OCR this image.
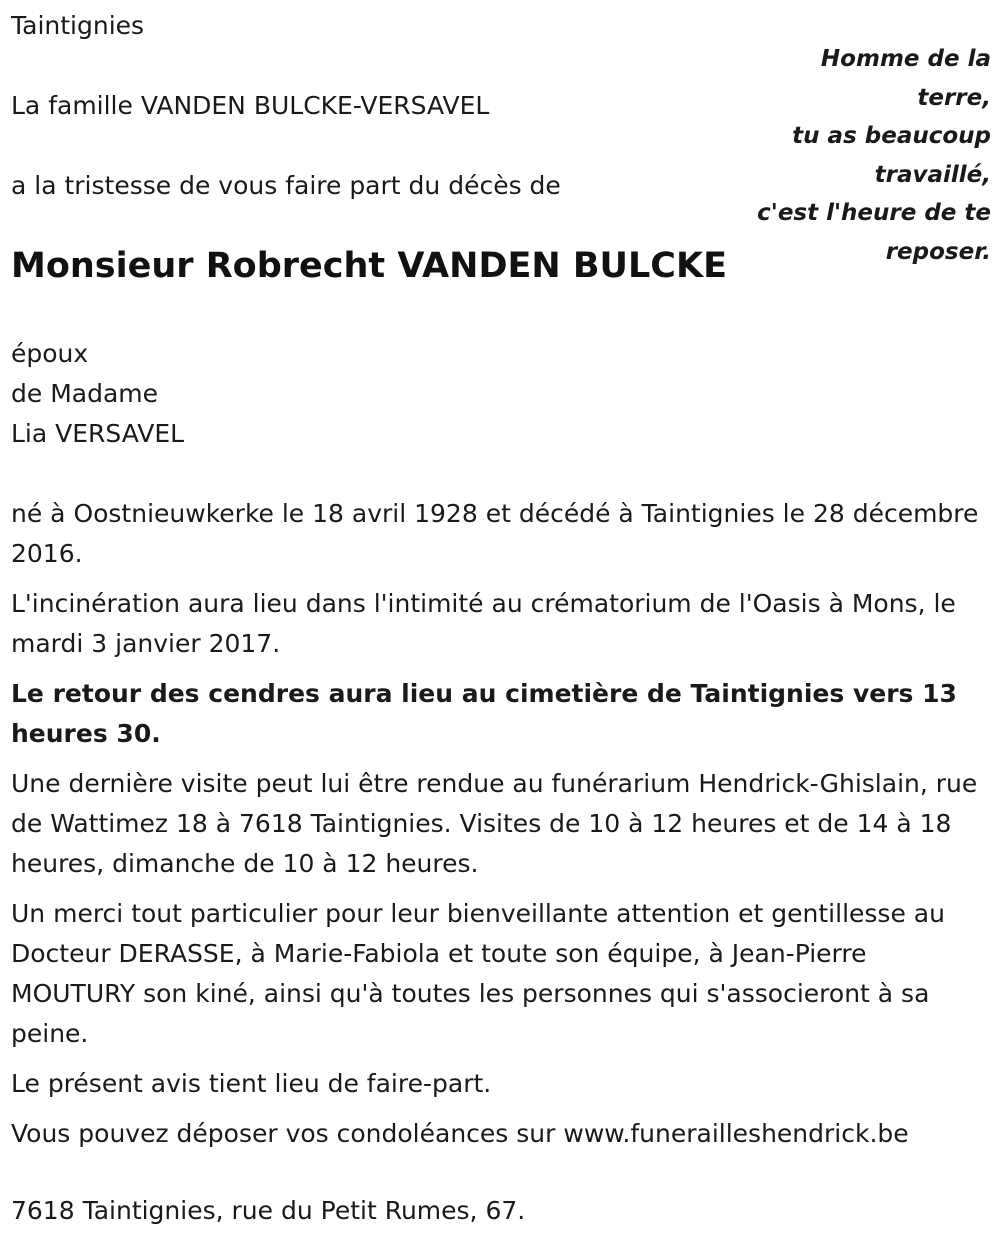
Taintignies
La famille VANDEN BULCKE-VERSAVEL
a la tristesse de vous faire part du décès de
Monsieur Robrecht VANDEN BULCKE
époux
de Madame
Lia VERSAVEL
Homme de la
terre,
tu as beaucoup
travaillé,
c'est l'heure de te
reposer.

né à Oostnieuwkerke le 18 avril 1928 et décédé à Taintignies le 28 décembre 2016.

L'incinération aura lieu dans l'intimité au crématorium de l'Oasis à Mons, le mardi 3 janvier 2017.

Le retour des cendres aura lieu au cimetière de Taintignies vers 13 heures 30.

Une dernière visite peut lui être rendue au funérarium Hendrick-Ghislain, rue de Wattimez 18 à 7618 Taintignies. Visites de 10 à 12 heures et de 14 à 18 heures, dimanche de 10 à 12 heures.

Un merci tout particulier pour leur bienveillante attention et gentillesse au Docteur DERASSE, à Marie-Fabiola et toute son équipe, à Jean-Pierre MOUTURY son kiné, ainsi qu'à toutes les personnes qui s'associeront à sa peine.

Le présent avis tient lieu de faire-part.

Vous pouvez déposer vos condoléances sur www.funerailleshendrick.be

7618 Taintignies, rue du Petit Rumes, 67.
